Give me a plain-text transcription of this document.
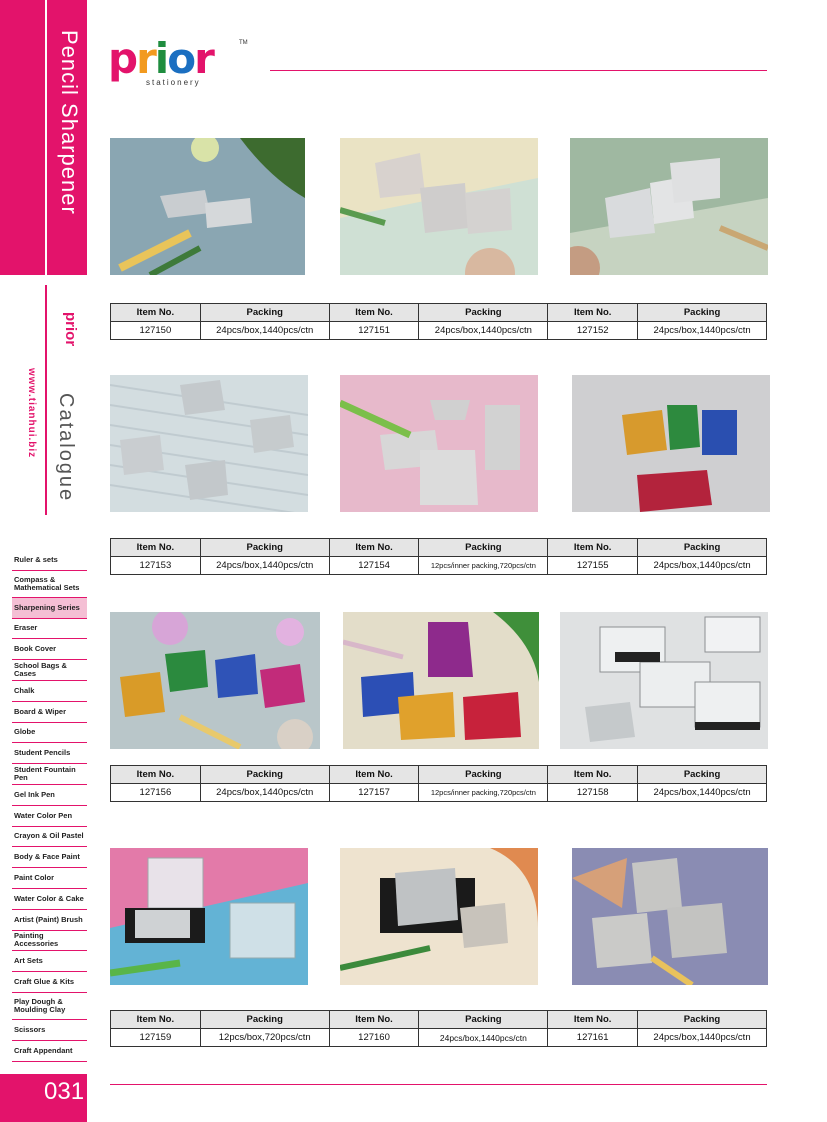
Pencil Sharpener
prior
www.tianhui.biz Catalogue
Ruler & sets
Compass & Mathematical Sets
Sharpening Series
Eraser
Book Cover
School Bags & Cases
Chalk
Board & Wiper
Globe
Student Pencils
Student Fountain Pen
Gel Ink Pen
Water Color Pen
Crayon & Oil Pastel
Body & Face Paint
Paint Color
Water Color & Cake
Artist (Paint) Brush
Painting Accessories
Art Sets
Craft Glue & Kits
Play Dough & Moulding Clay
Scissors
Craft Appendant
031
prior
stationery
TM
Item No.	Packing	Item No.	Packing	Item No.	Packing
127150	24pcs/box,1440pcs/ctn	127151	24pcs/box,1440pcs/ctn	127152	24pcs/box,1440pcs/ctn
Item No.	Packing	Item No.	Packing	Item No.	Packing
127153	24pcs/box,1440pcs/ctn	127154	12pcs/inner packing,720pcs/ctn	127155	24pcs/box,1440pcs/ctn
Item No.	Packing	Item No.	Packing	Item No.	Packing
127156	24pcs/box,1440pcs/ctn	127157	12pcs/inner packing,720pcs/ctn	127158	24pcs/box,1440pcs/ctn
Item No.	Packing	Item No.	Packing	Item No.	Packing
127159	12pcs/box,720pcs/ctn	127160	24pcs/box,1440pcs/ctn	127161	24pcs/box,1440pcs/ctn
